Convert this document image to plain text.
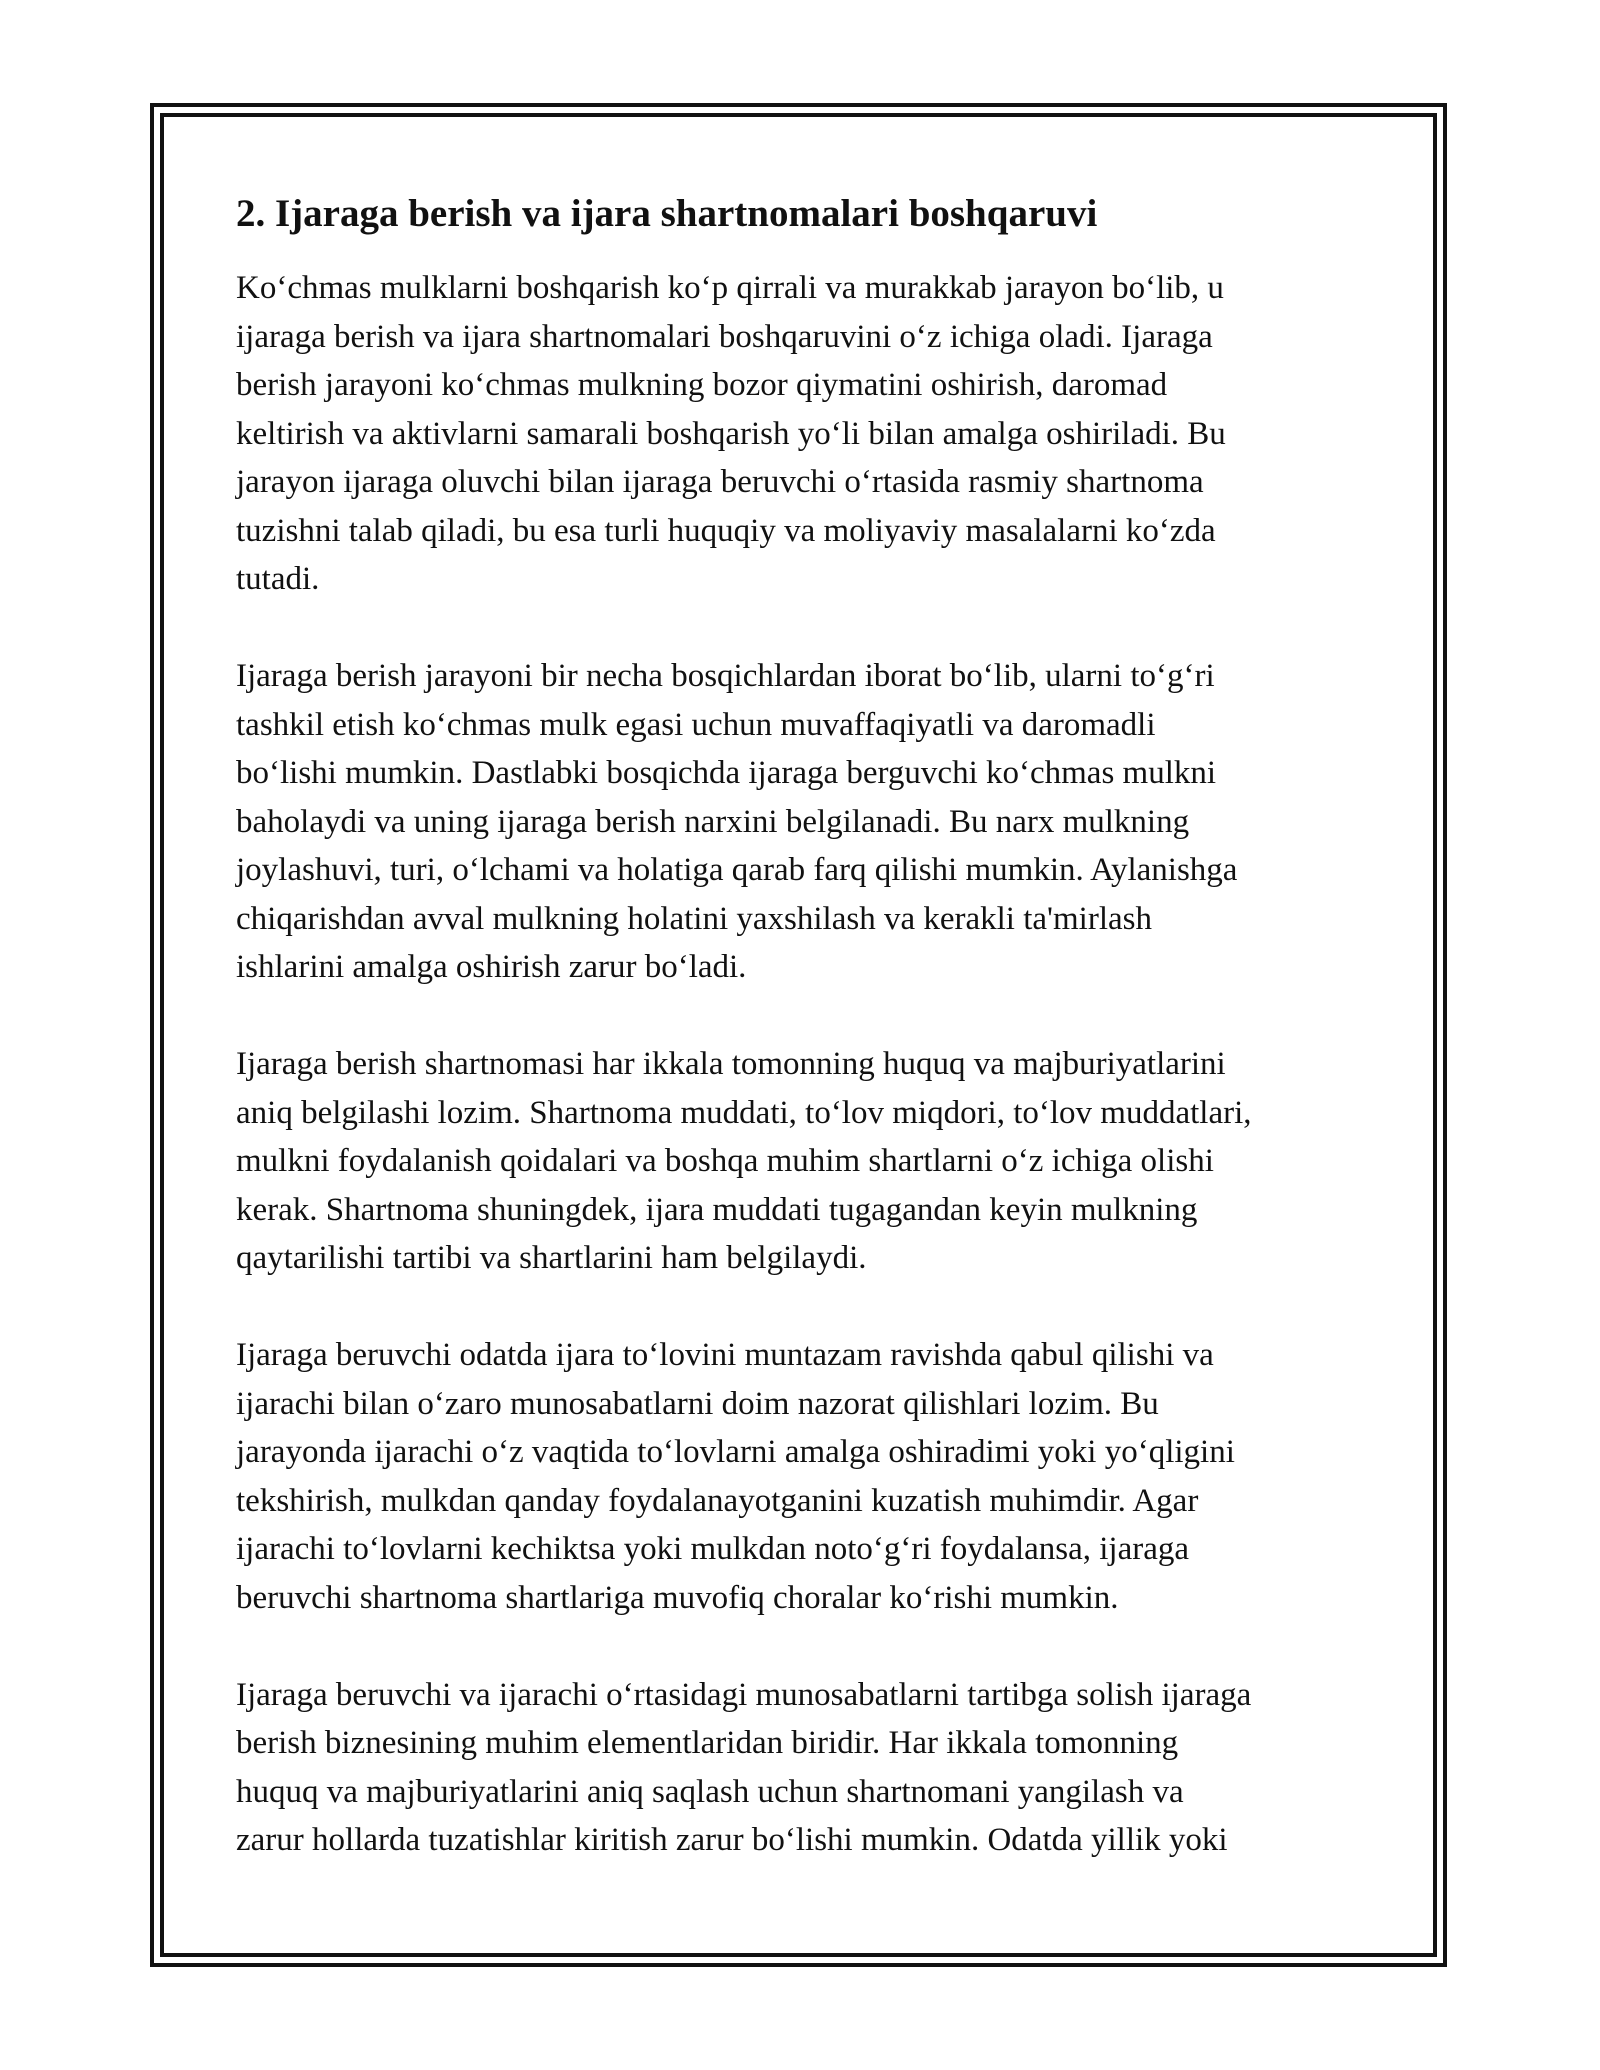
2. Ijaraga berish va ijara shartnomalari boshqaruvi

Koʻchmas mulklarni boshqarish koʻp qirrali va murakkab jarayon boʻlib, u
ijaraga berish va ijara shartnomalari boshqaruvini oʻz ichiga oladi. Ijaraga
berish jarayoni koʻchmas mulkning bozor qiymatini oshirish, daromad
keltirish va aktivlarni samarali boshqarish yoʻli bilan amalga oshiriladi. Bu
jarayon ijaraga oluvchi bilan ijaraga beruvchi oʻrtasida rasmiy shartnoma
tuzishni talab qiladi, bu esa turli huquqiy va moliyaviy masalalarni koʻzda
tutadi.

Ijaraga berish jarayoni bir necha bosqichlardan iborat boʻlib, ularni toʻgʻri
tashkil etish koʻchmas mulk egasi uchun muvaffaqiyatli va daromadli
boʻlishi mumkin. Dastlabki bosqichda ijaraga berguvchi koʻchmas mulkni
baholaydi va uning ijaraga berish narxini belgilanadi. Bu narx mulkning
joylashuvi, turi, oʻlchami va holatiga qarab farq qilishi mumkin. Aylanishga
chiqarishdan avval mulkning holatini yaxshilash va kerakli ta'mirlash
ishlarini amalga oshirish zarur boʻladi.

Ijaraga berish shartnomasi har ikkala tomonning huquq va majburiyatlarini
aniq belgilashi lozim. Shartnoma muddati, toʻlov miqdori, toʻlov muddatlari,
mulkni foydalanish qoidalari va boshqa muhim shartlarni oʻz ichiga olishi
kerak. Shartnoma shuningdek, ijara muddati tugagandan keyin mulkning
qaytarilishi tartibi va shartlarini ham belgilaydi.

Ijaraga beruvchi odatda ijara toʻlovini muntazam ravishda qabul qilishi va
ijarachi bilan oʻzaro munosabatlarni doim nazorat qilishlari lozim. Bu
jarayonda ijarachi oʻz vaqtida toʻlovlarni amalga oshiradimi yoki yoʻqligini
tekshirish, mulkdan qanday foydalanayotganini kuzatish muhimdir. Agar
ijarachi toʻlovlarni kechiktsa yoki mulkdan notoʻgʻri foydalansa, ijaraga
beruvchi shartnoma shartlariga muvofiq choralar koʻrishi mumkin.

Ijaraga beruvchi va ijarachi oʻrtasidagi munosabatlarni tartibga solish ijaraga
berish biznesining muhim elementlaridan biridir. Har ikkala tomonning
huquq va majburiyatlarini aniq saqlash uchun shartnomani yangilash va
zarur hollarda tuzatishlar kiritish zarur boʻlishi mumkin. Odatda yillik yoki
